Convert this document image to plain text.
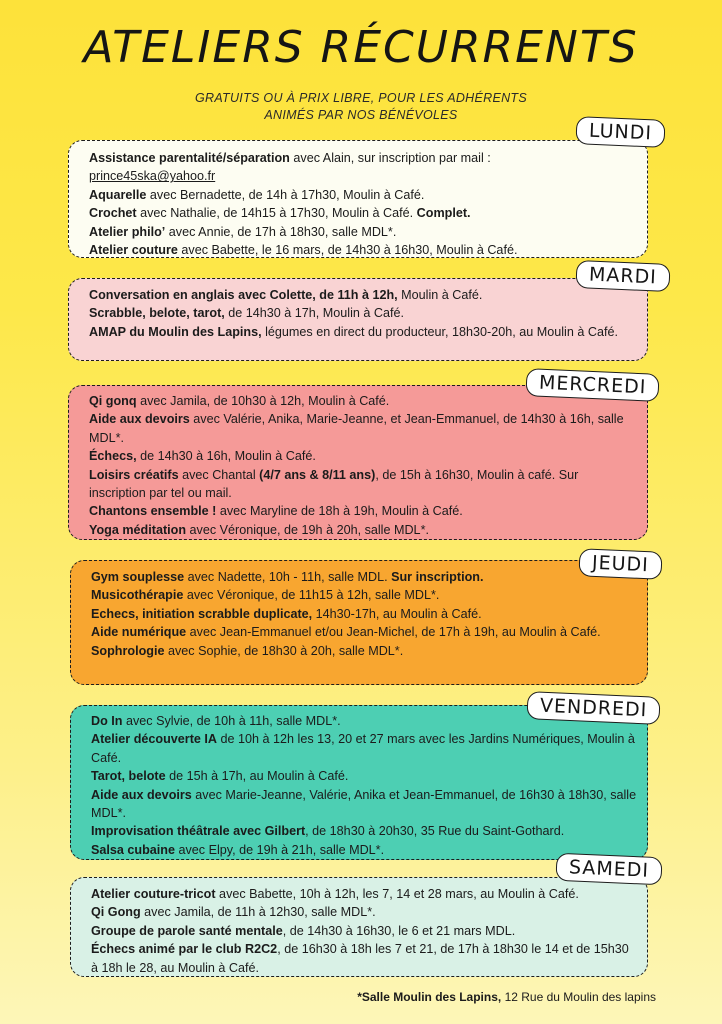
ATELIERS RÉCURRENTS
GRATUITS OU À PRIX LIBRE, POUR LES ADHÉRENTS
ANIMÉS PAR NOS BÉNÉVOLES
Assistance parentalité/séparation avec Alain, sur inscription par mail :
prince45ska@yahoo.fr
Aquarelle avec Bernadette, de 14h à 17h30, Moulin à Café.
Crochet avec Nathalie, de 14h15 à 17h30, Moulin à Café. Complet.
Atelier philo’ avec Annie, de 17h à 18h30, salle MDL*.
Atelier couture avec Babette, le 16 mars, de 14h30 à 16h30, Moulin à Café.
LUNDI
Conversation en anglais avec Colette, de 11h à 12h, Moulin à Café.
Scrabble, belote, tarot, de 14h30 à 17h, Moulin à Café.
AMAP du Moulin des Lapins, légumes en direct du producteur, 18h30-20h, au Moulin à Café.
MARDI
Qi gonq avec Jamila, de 10h30 à 12h, Moulin à Café.
Aide aux devoirs avec Valérie, Anika, Marie-Jeanne, et Jean-Emmanuel, de 14h30 à 16h, salle MDL*.
Échecs, de 14h30 à 16h, Moulin à Café.
Loisirs créatifs avec Chantal (4/7 ans & 8/11 ans), de 15h à 16h30, Moulin à café. Sur inscription par tel ou mail.
Chantons ensemble ! avec Maryline de 18h à 19h, Moulin à Café.
Yoga méditation avec Véronique, de 19h à 20h, salle MDL*.
MERCREDI
Gym souplesse avec Nadette, 10h - 11h, salle MDL. Sur inscription.
Musicothérapie avec Véronique, de 11h15 à 12h, salle MDL*.
Echecs, initiation scrabble duplicate, 14h30-17h, au Moulin à Café.
Aide numérique avec Jean-Emmanuel et/ou Jean-Michel, de 17h à 19h, au Moulin à Café.
Sophrologie avec Sophie, de 18h30 à 20h, salle MDL*.
JEUDI
Do In avec Sylvie, de 10h à 11h, salle MDL*.
Atelier découverte IA de 10h à 12h les 13, 20 et 27 mars avec les Jardins Numériques, Moulin à Café.
Tarot, belote de 15h à 17h, au Moulin à Café.
Aide aux devoirs avec Marie-Jeanne, Valérie, Anika et Jean-Emmanuel, de 16h30 à 18h30, salle MDL*.
Improvisation théâtrale avec Gilbert, de 18h30 à 20h30, 35 Rue du Saint-Gothard.
Salsa cubaine avec Elpy, de 19h à 21h, salle MDL*.
VENDREDI
Atelier couture-tricot avec Babette, 10h à 12h, les 7, 14 et 28 mars, au Moulin à Café.
Qi Gong avec Jamila, de 11h à 12h30, salle MDL*.
Groupe de parole santé mentale, de 14h30 à 16h30, le 6 et 21 mars MDL.
Échecs animé par le club R2C2, de 16h30 à 18h les 7 et 21, de 17h à 18h30 le 14 et de 15h30 à 18h le 28, au Moulin à Café.
SAMEDI
*Salle Moulin des Lapins, 12 Rue du Moulin des lapins
